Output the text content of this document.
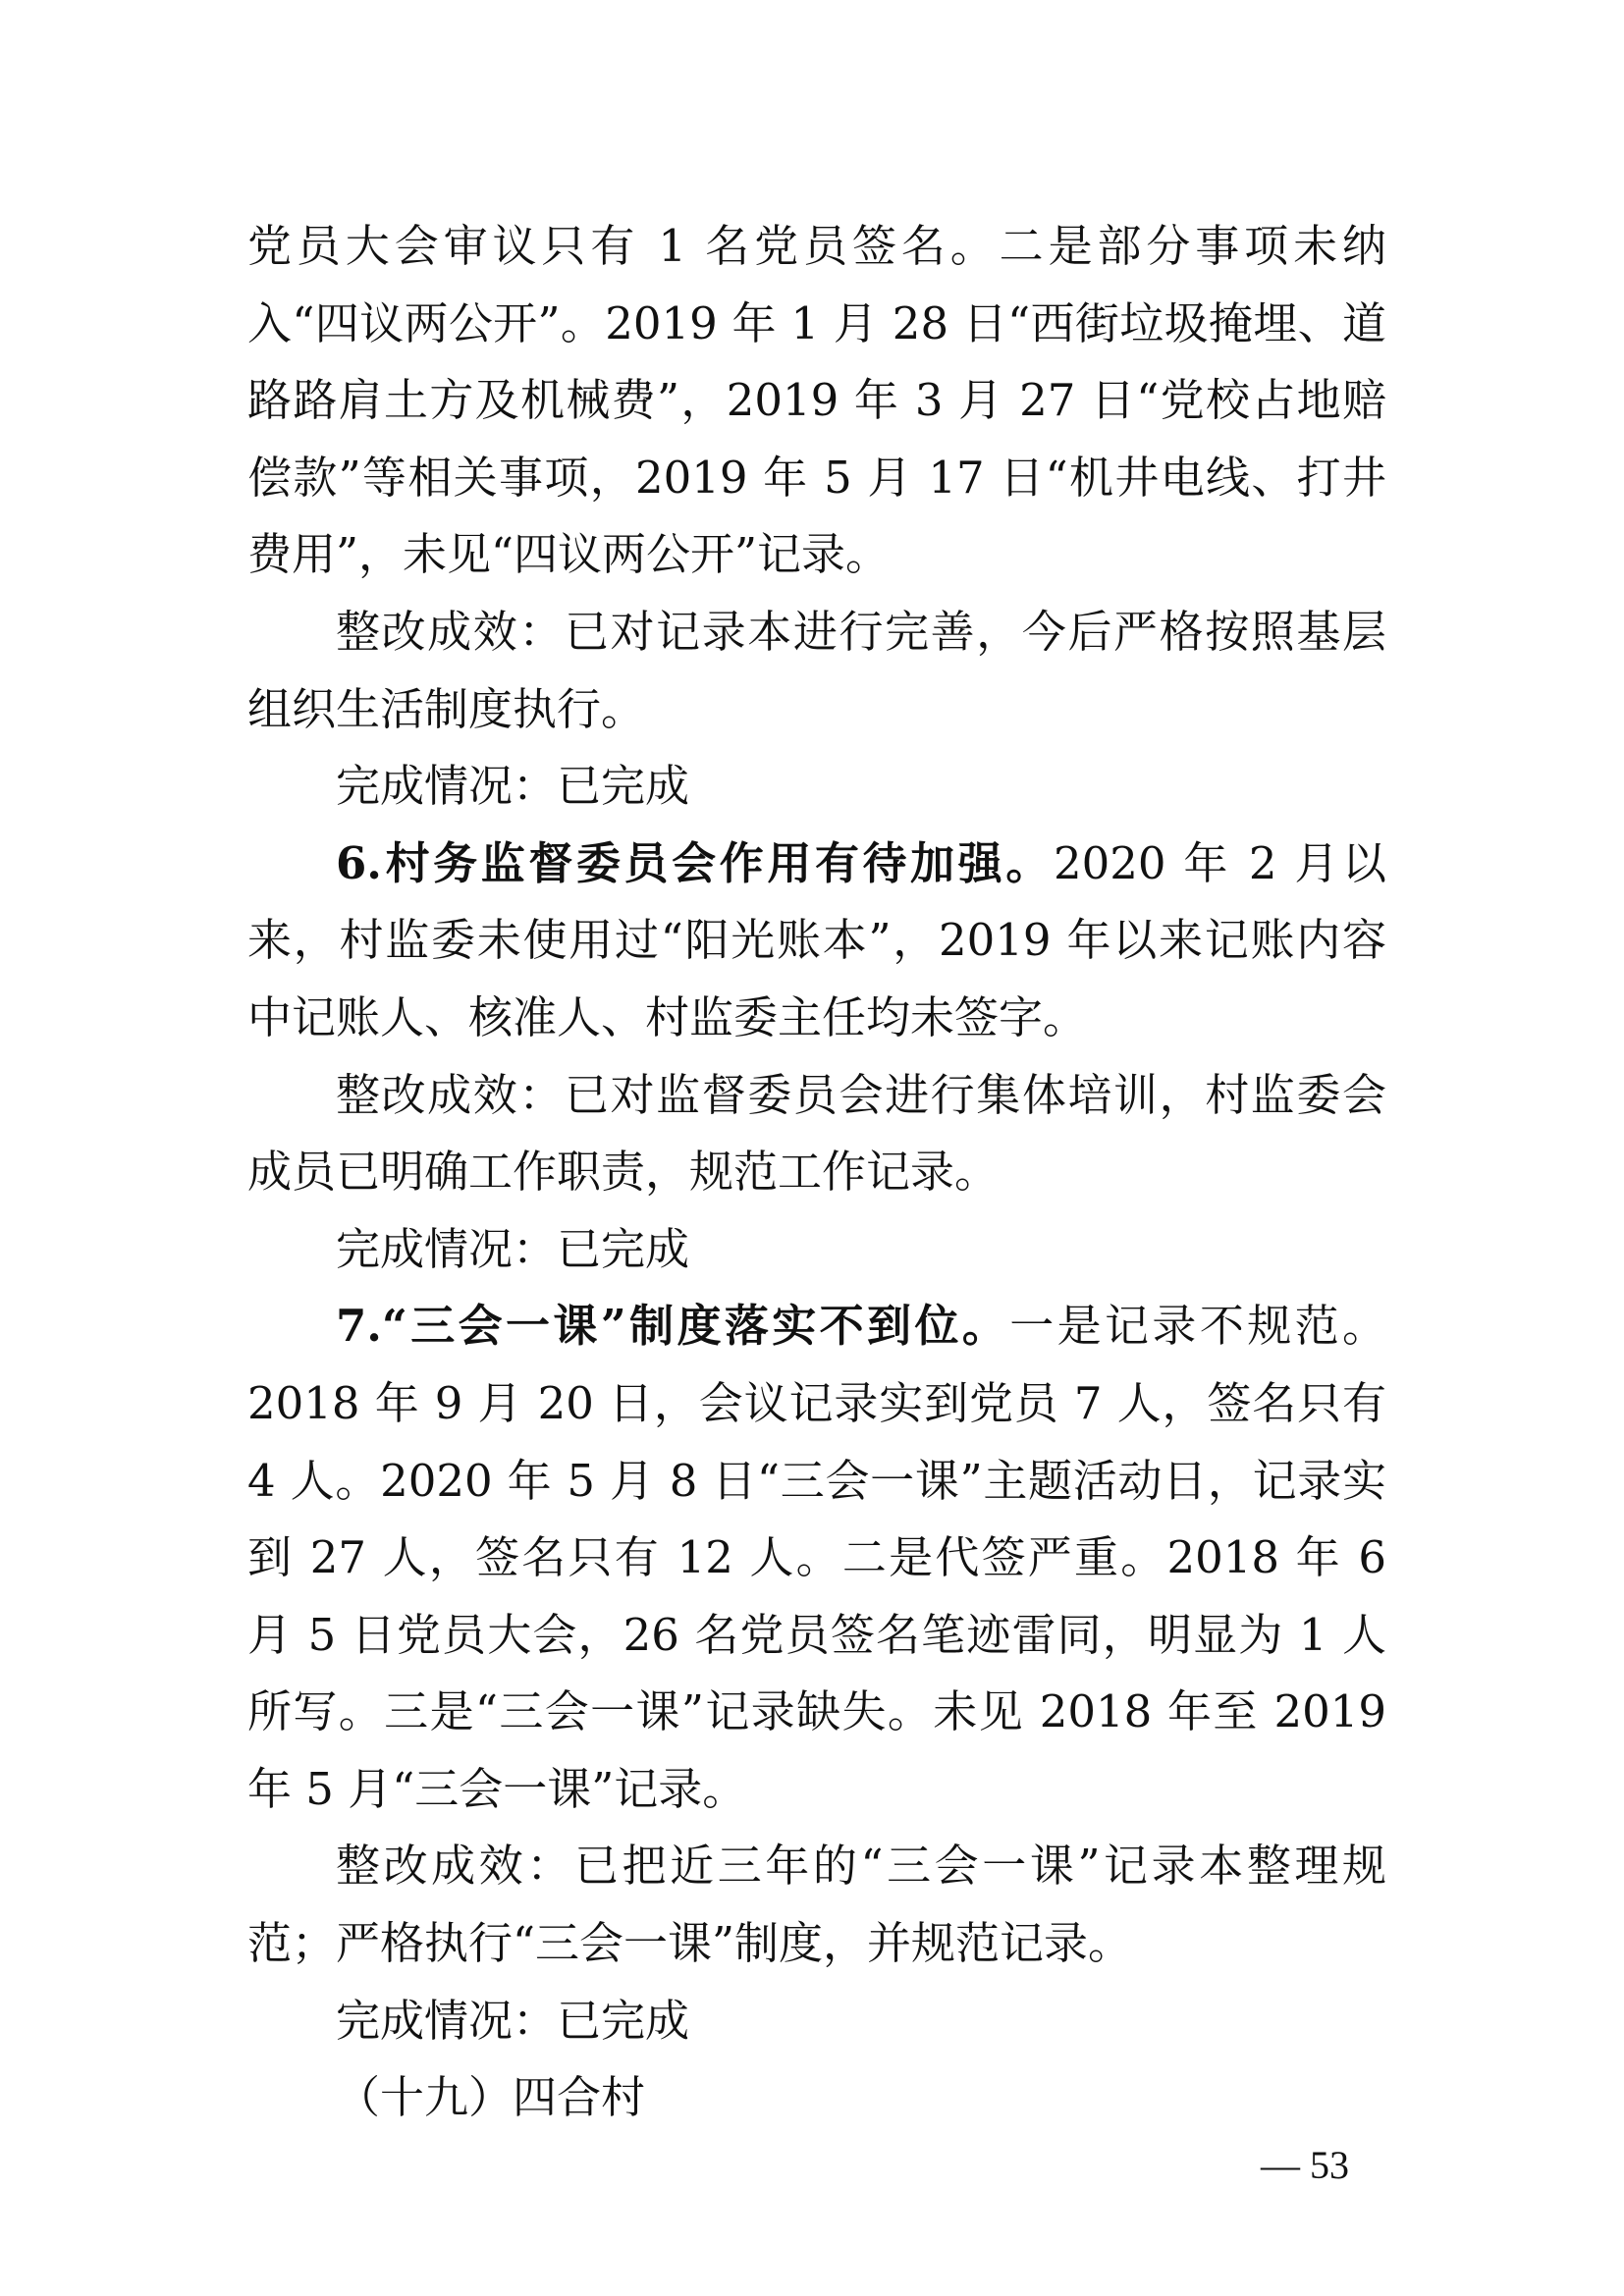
党员大会审议只有 1 名党员签名。二是部分事项未纳入“四议两公开”。2019 年 1 月 28 日“西街垃圾掩埋、道路路肩土方及机械费”，2019 年 3 月 27 日“党校占地赔偿款”等相关事项，2019 年 5 月 17 日“机井电线、打井费用”，未见“四议两公开”记录。

整改成效：已对记录本进行完善，今后严格按照基层组织生活制度执行。

完成情况：已完成

6.村务监督委员会作用有待加强。2020 年 2 月以来，村监委未使用过“阳光账本”，2019 年以来记账内容中记账人、核准人、村监委主任均未签字。

整改成效：已对监督委员会进行集体培训，村监委会成员已明确工作职责，规范工作记录。

完成情况：已完成

7.“三会一课”制度落实不到位。一是记录不规范。2018 年 9 月 20 日，会议记录实到党员 7 人，签名只有 4 人。2020 年 5 月 8 日“三会一课”主题活动日，记录实到 27 人，签名只有 12 人。二是代签严重。2018 年 6 月 5 日党员大会，26 名党员签名笔迹雷同，明显为 1 人所写。三是“三会一课”记录缺失。未见 2018 年至 2019 年 5 月“三会一课”记录。

整改成效：已把近三年的“三会一课”记录本整理规范；严格执行“三会一课”制度，并规范记录。

完成情况：已完成

（十九）四合村

— 53
